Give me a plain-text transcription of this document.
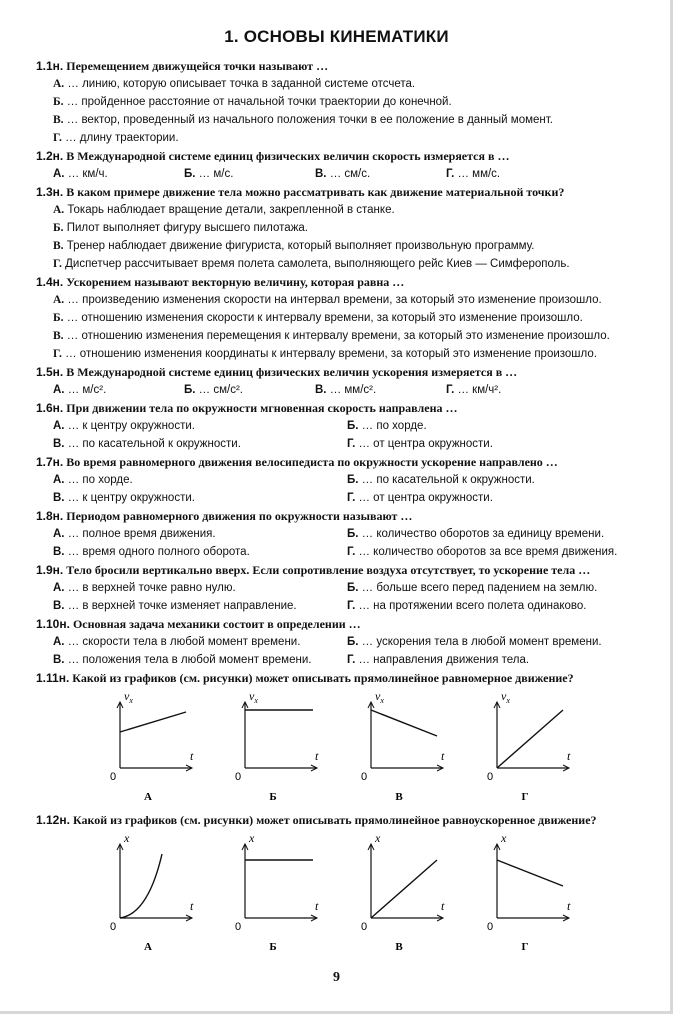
1. ОСНОВЫ КИНЕМАТИКИ
1.1н. Перемещением движущейся точки называют …
А. … линию, которую описывает точка в заданной системе отсчета.
Б. … пройденное расстояние от начальной точки траектории до конечной.
В. … вектор, проведенный из начального положения точки в ее положение в данный момент.
Г. … длину траектории.
1.2н. В Международной системе единиц физических величин скорость измеряется в …
А. … км/ч.	Б. … м/с.	В. … см/с.	Г. … мм/с.
1.3н. В каком примере движение тела можно рассматривать как движение материальной точки?
А. Токарь наблюдает вращение детали, закрепленной в станке.
Б. Пилот выполняет фигуру высшего пилотажа.
В. Тренер наблюдает движение фигуриста, который выполняет произвольную программу.
Г. Диспетчер рассчитывает время полета самолета, выполняющего рейс Киев — Симферополь.
1.4н. Ускорением называют векторную величину, которая равна …
А. … произведению изменения скорости на интервал времени, за который это изменение произошло.
Б. … отношению изменения скорости к интервалу времени, за который это изменение произошло.
В. … отношению изменения перемещения к интервалу времени, за который это изменение произошло.
Г. … отношению изменения координаты к интервалу времени, за который это изменение произошло.
1.5н. В Международной системе единиц физических величин ускорения измеряется в …
А. … м/с².	Б. … см/с².	В. … мм/с².	Г. … км/ч².
1.6н. При движении тела по окружности мгновенная скорость направлена …
А. … к центру окружности.	Б. … по хорде.
В. … по касательной к окружности.	Г. … от центра окружности.
1.7н. Во время равномерного движения велосипедиста по окружности ускорение направлено …
А. … по хорде.	Б. … по касательной к окружности.
В. … к центру окружности.	Г. … от центра окружности.
1.8н. Периодом равномерного движения по окружности называют …
А. … полное время движения.	Б. … количество оборотов за единицу времени.
В. … время одного полного оборота.	Г. … количество оборотов за все время движения.
1.9н. Тело бросили вертикально вверх. Если сопротивление воздуха отсутствует, то ускорение тела …
А. … в верхней точке равно нулю.	Б. … больше всего перед падением на землю.
В. … в верхней точке изменяет направление.	Г. … на протяжении всего полета одинаково.
1.10н. Основная задача механики состоит в определении …
А. … скорости тела в любой момент времени.	Б. … ускорения тела в любой момент времени.
В. … положения тела в любой момент времени.	Г. … направления движения тела.
1.11н. Какой из графиков (см. рисунки) может описывать прямолинейное равномерное движение?
$v_x$
t
0
А
$v_x$
t
0
Б
$v_x$
t
0
В
$v_x$
t
0
Г
1.12н. Какой из графиков (см. рисунки) может описывать прямолинейное равноускоренное движение?
x
t
0
А
x
t
0
Б
x
t
0
В
x
t
0
Г
9
